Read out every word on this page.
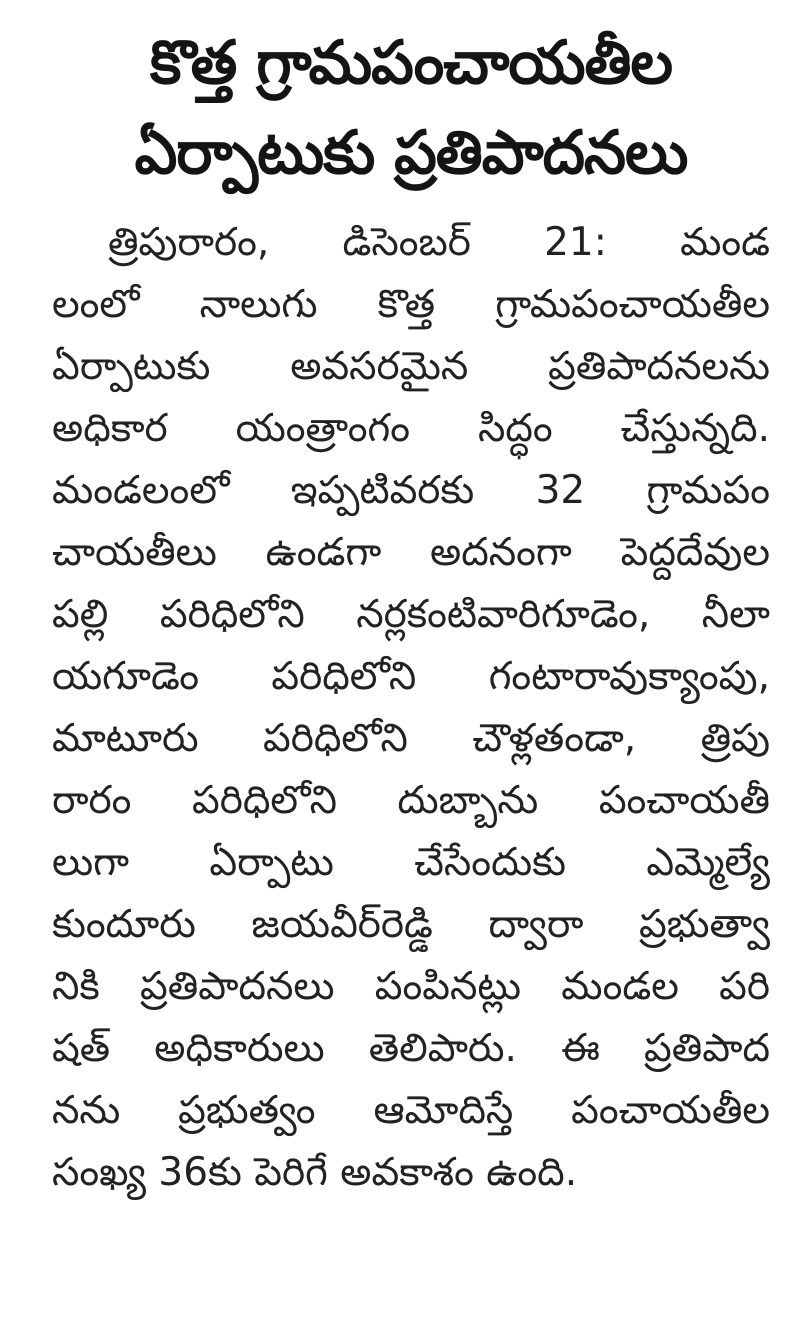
కొత్త గ్రామపంచాయతీల
ఏర్పాటుకు ప్రతిపాదనలు
త్రిపురారం, డిసెంబర్ 21: మండ
లంలో నాలుగు కొత్త గ్రామపంచాయతీల
ఏర్పాటుకు అవసరమైన ప్రతిపాదనలను
అధికార యంత్రాంగం సిద్ధం చేస్తున్నది.
మండలంలో ఇప్పటివరకు 32 గ్రామపం
చాయతీలు ఉండగా అదనంగా పెద్దదేవుల
పల్లి పరిధిలోని నర్లకంటివారిగూడెం, నీలా
యగూడెం పరిధిలోని గంటారావుక్యాంపు,
మాటూరు పరిధిలోని చౌళ్లతండా, త్రిపు
రారం పరిధిలోని దుబ్బాను పంచాయతీ
లుగా ఏర్పాటు చేసేందుకు ఎమ్మెల్యే
కుందూరు జయవీర్‌రెడ్డి ద్వారా ప్రభుత్వా
నికి ప్రతిపాదనలు పంపినట్లు మండల పరి
షత్ అధికారులు తెలిపారు. ఈ ప్రతిపాద
నను ప్రభుత్వం ఆమోదిస్తే పంచాయతీల
సంఖ్య 36కు పెరిగే అవకాశం ఉంది.
